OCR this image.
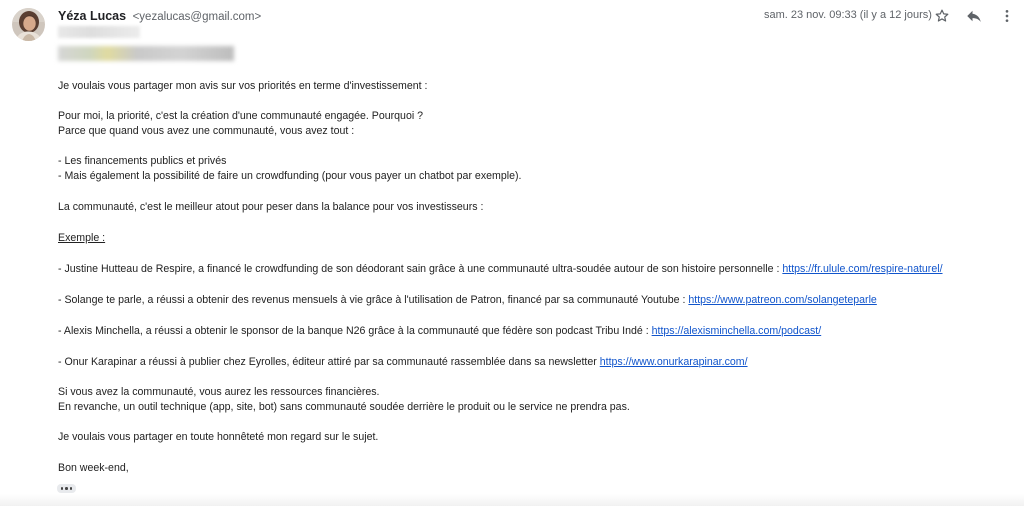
Yéza Lucas <yezalucas@gmail.com>	sam. 23 nov. 09:33 (il y a 12 jours)

Je voulais vous partager mon avis sur vos priorités en terme d'investissement :

Pour moi, la priorité, c'est la création d'une communauté engagée. Pourquoi ?

Parce que quand vous avez une communauté, vous avez tout :

- Les financements publics et privés

- Mais également la possibilité de faire un crowdfunding (pour vous payer un chatbot par exemple).

La communauté, c'est le meilleur atout pour peser dans la balance pour vos investisseurs :

Exemple :

- Justine Hutteau de Respire, a financé le crowdfunding de son déodorant sain grâce à une communauté ultra-soudée autour de son histoire personnelle : https://fr.ulule.com/respire-naturel/

- Solange te parle, a réussi a obtenir des revenus mensuels à vie grâce à l'utilisation de Patron, financé par sa communauté Youtube : https://www.patreon.com/solangeteparle

- Alexis Minchella, a réussi a obtenir le sponsor de la banque N26 grâce à la communauté que fédère son podcast Tribu Indé : https://alexisminchella.com/podcast/

- Onur Karapinar a réussi à publier chez Eyrolles, éditeur attiré par sa communauté rassemblée dans sa newsletter https://www.onurkarapinar.com/

Si vous avez la communauté, vous aurez les ressources financières.

En revanche, un outil technique (app, site, bot) sans communauté soudée derrière le produit ou le service ne prendra pas.

Je voulais vous partager en toute honnêteté mon regard sur le sujet.

Bon week-end,
